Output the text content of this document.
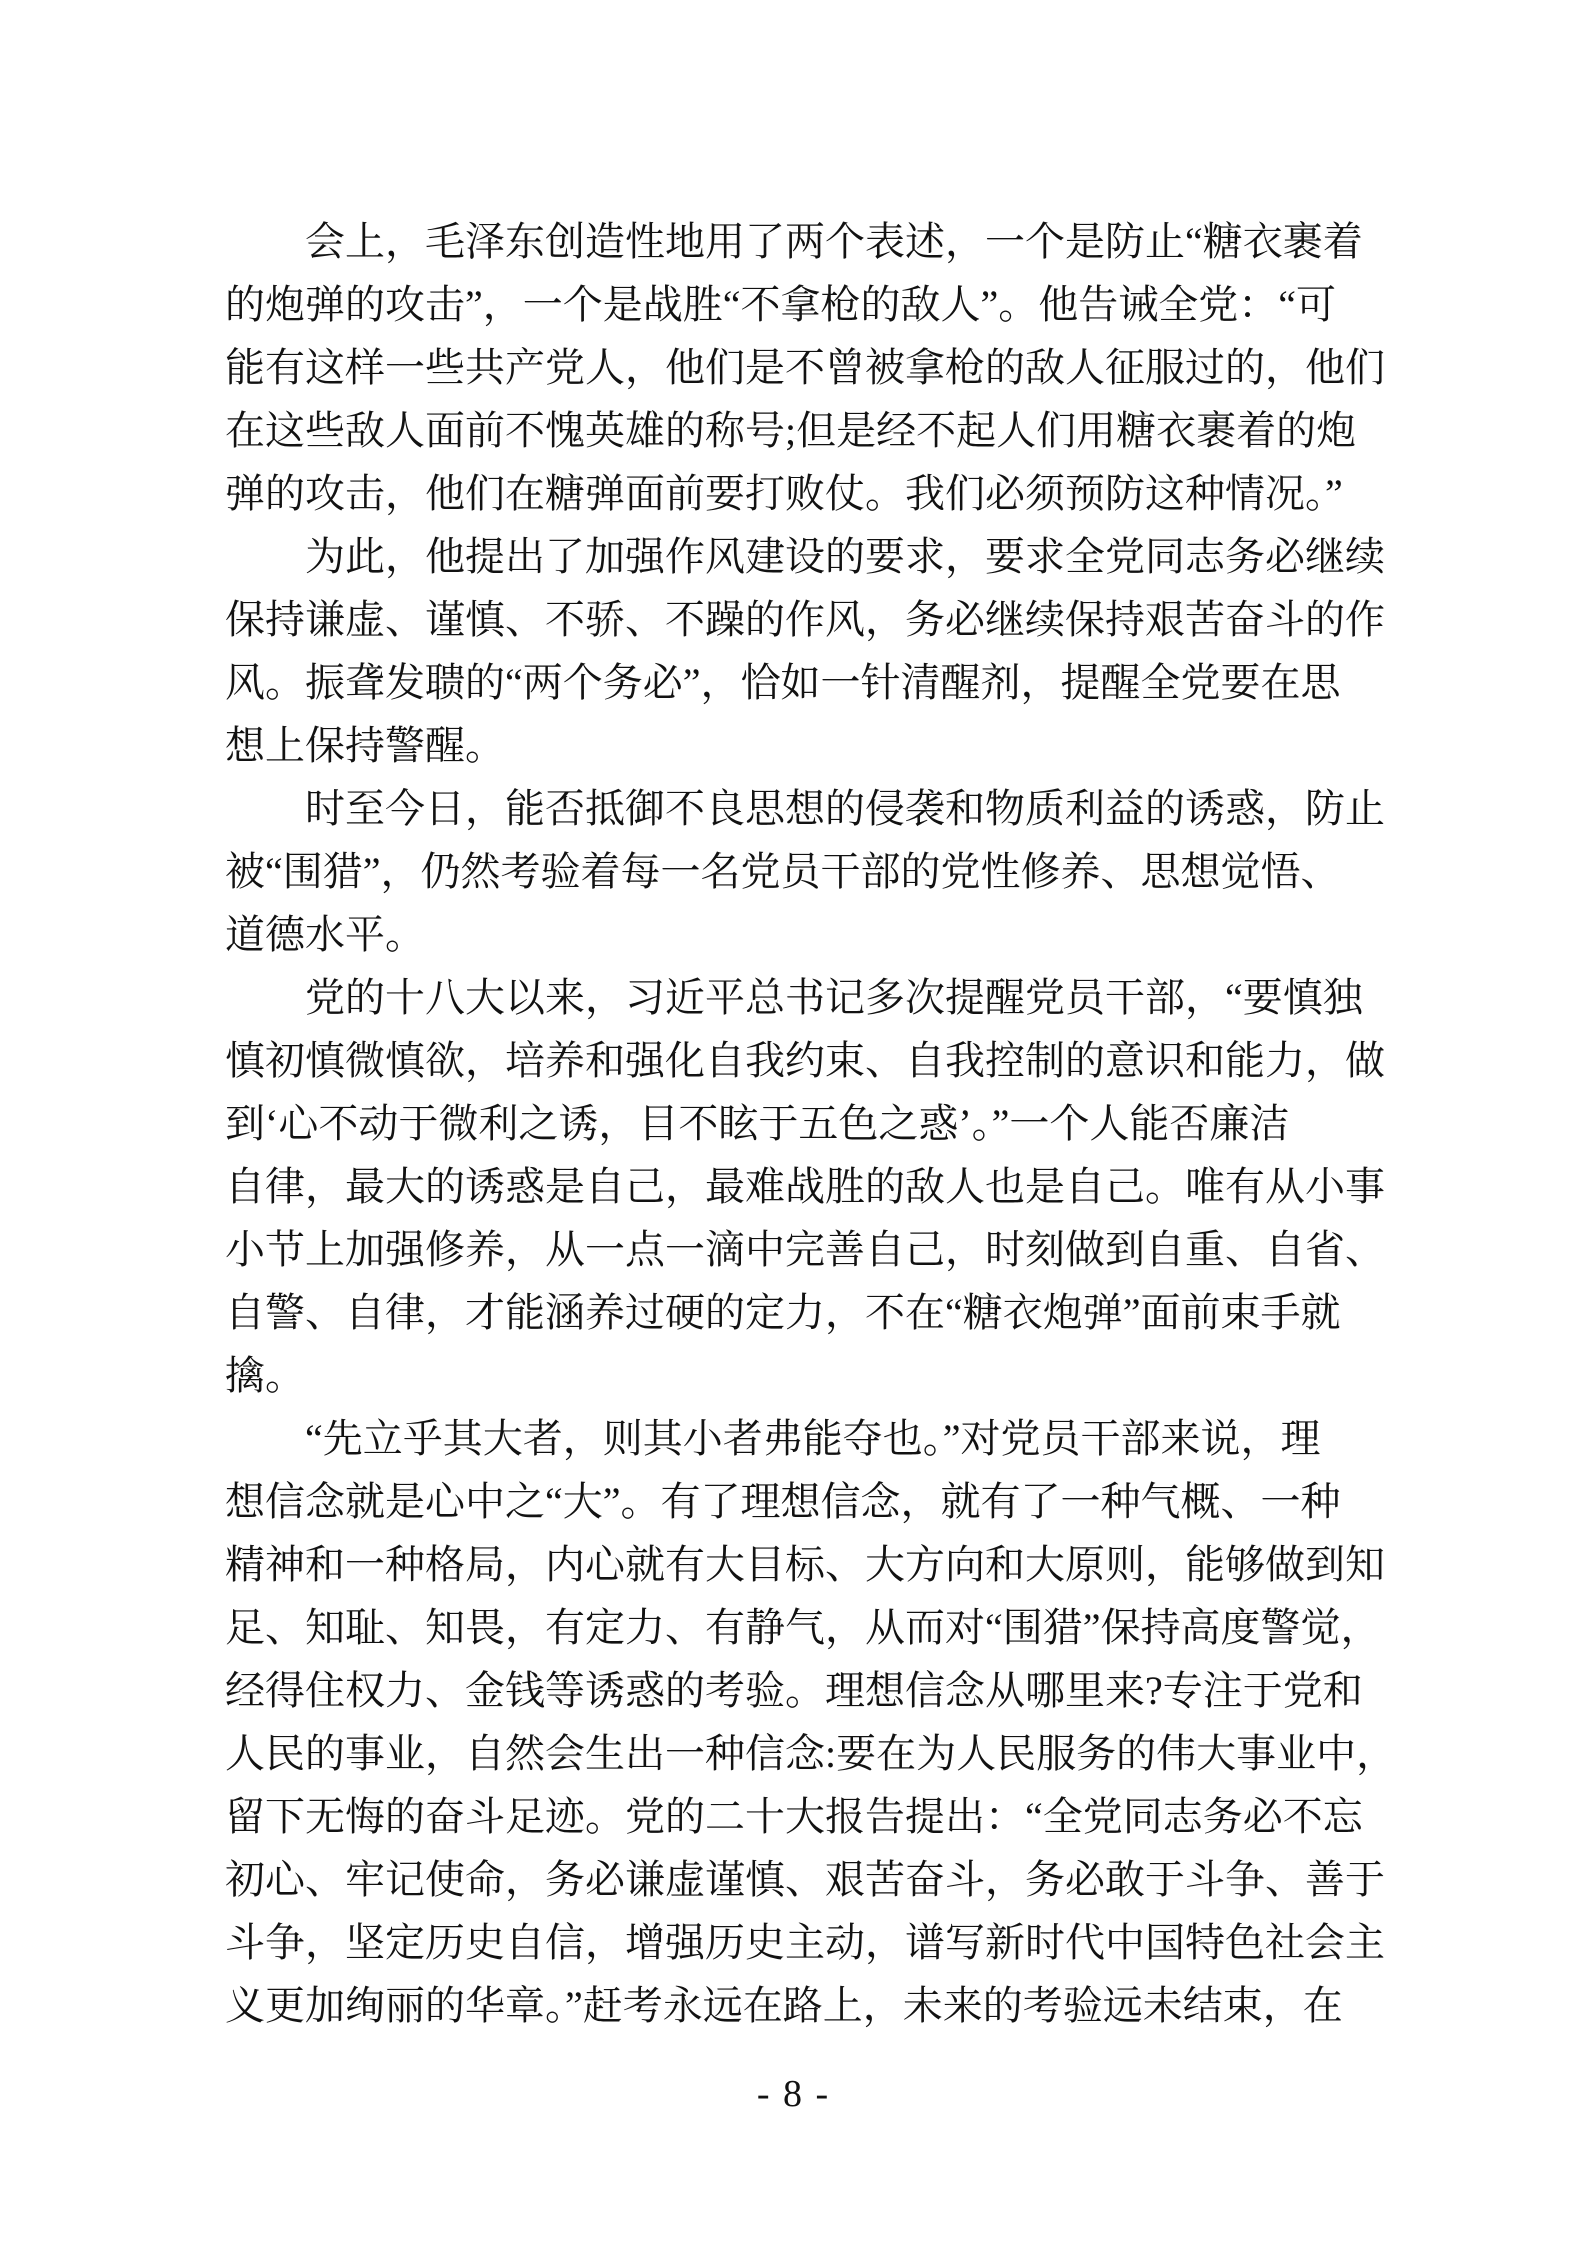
会上，毛泽东创造性地用了两个表述，一个是防止“糖衣裹着
的炮弹的攻击”，一个是战胜“不拿枪的敌人”。他告诫全党：“可
能有这样一些共产党人，他们是不曾被拿枪的敌人征服过的，他们
在这些敌人面前不愧英雄的称号;但是经不起人们用糖衣裹着的炮
弹的攻击，他们在糖弹面前要打败仗。我们必须预防这种情况。”
为此，他提出了加强作风建设的要求，要求全党同志务必继续
保持谦虚、谨慎、不骄、不躁的作风，务必继续保持艰苦奋斗的作
风。振聋发聩的“两个务必”，恰如一针清醒剂，提醒全党要在思
想上保持警醒。
时至今日，能否抵御不良思想的侵袭和物质利益的诱惑，防止
被“围猎”，仍然考验着每一名党员干部的党性修养、思想觉悟、
道德水平。
党的十八大以来，习近平总书记多次提醒党员干部，“要慎独
慎初慎微慎欲，培养和强化自我约束、自我控制的意识和能力，做
到‘心不动于微利之诱，目不眩于五色之惑’。”一个人能否廉洁
自律，最大的诱惑是自己，最难战胜的敌人也是自己。唯有从小事
小节上加强修养，从一点一滴中完善自己，时刻做到自重、自省、
自警、自律，才能涵养过硬的定力，不在“糖衣炮弹”面前束手就
擒。
“先立乎其大者，则其小者弗能夺也。”对党员干部来说，理
想信念就是心中之“大”。有了理想信念，就有了一种气概、一种
精神和一种格局，内心就有大目标、大方向和大原则，能够做到知
足、知耻、知畏，有定力、有静气，从而对“围猎”保持高度警觉，
经得住权力、金钱等诱惑的考验。理想信念从哪里来?专注于党和
人民的事业，自然会生出一种信念:要在为人民服务的伟大事业中，
留下无悔的奋斗足迹。党的二十大报告提出：“全党同志务必不忘
初心、牢记使命，务必谦虚谨慎、艰苦奋斗，务必敢于斗争、善于
斗争，坚定历史自信，增强历史主动，谱写新时代中国特色社会主
义更加绚丽的华章。”赶考永远在路上，未来的考验远未结束，在
- 8 -
